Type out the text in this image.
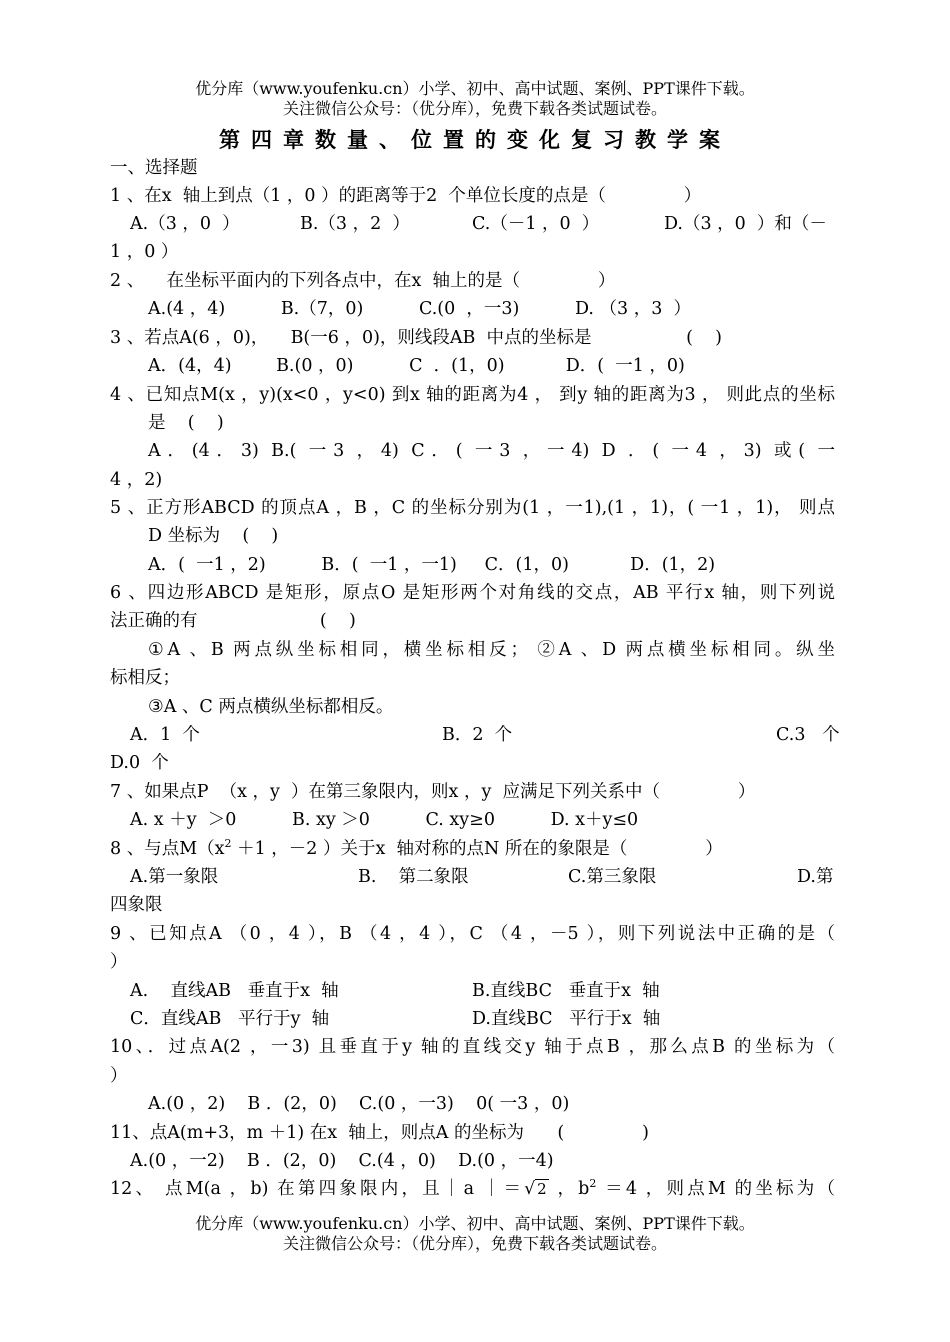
优分库（www.youfenku.cn）小学、初中、高中试题、案例、PPT课件下载。
关注微信公众号：（优分库），免费下载各类试题试卷。
第四章数量、位置的变化复习教学案
一、选择题
1 、在x  轴上到点（1 ，0 ）的距离等于2  个单位长度的点是（              ）
A.（3 ，0  ）	B.（3 ，2  ）	C.（－1 ，0  ）	D.（3 ，0  ）和（－
1 ，0 ）
2 、    在坐标平面内的下列各点中，在x  轴上的是（              ）
A.(4 ，4)          B.（7，0)          C.(0  ，一3)          D. （3 ，3  ）
3 、若点A(6 ，0)，    B(一6 ，0)，则线段AB  中点的坐标是                 (    )
A．(4，4)        B.(0 ，0)          C  ．(1，0)           D．(  一1 ，0)
4 、已知点M(x ，y)(x<0 ，y<0) 到x 轴的距离为4 ， 到y 轴的距离为3 ， 则此点的坐标
是    (    )
A．(4．3) B.( 一3 ，4) C．( 一3 ，一4) D ．( 一4 ，3) 或( 一
4 ，2)
5 、正方形ABCD 的顶点A ，B ，C 的坐标分别为(1 ，一1),(1 ，1)，( 一1 ，1)， 则点
D 坐标为    (    )
A．(  一1 ，2)          B．(  一1 ，一1)     C．(1，0)           D．(1，2)
6 、四边形ABCD 是矩形，原点O 是矩形两个对角线的交点，AB 平行x 轴，则下列说
法正确的有                      (    )
①A 、B 两点纵坐标相同，横坐标相反； ②A 、D 两点横坐标相同。纵坐
标相反；
③A 、C 两点横纵坐标都相反。
A．1  个	B．2  个	C.3   个
D.0  个
7 、如果点P  （x ，y  ）在第三象限内，则x ，y  应满足下列关系中（              ）
A. x ＋y  ＞0          B. xy ＞0          C. xy≥0          D. x＋y≤0
8 、与点$M(x^2 +1$ ，－2 ）关于x  轴对称的点N 所在的象限是（              ）
A.第一象限	B.    第二象限	C.第三象限	D.第
四象限
9 、已知点A （0 ，4 ），B （4 ，4 ），C （4 ，－5 ），则下列说法中正确的是（
）
A.    直线AB   垂直于x  轴	B.直线BC   垂直于x  轴
C．直线AB   平行于y  轴	D.直线BC   平行于x  轴
10、．过点A(2 ，一3) 且垂直于y 轴的直线交y 轴于点B ，那么点B 的坐标为（
）
A.(0 ，2)    B ．(2，0)    C.(0 ，一3)    0( 一3 ，0)
11、点A(m+3，m ＋1) 在x  轴上，则点A 的坐标为      (              )
A.(0 ，一2)    B ．(2，0)    C.(4 ，0)    D.(0 ，一4)
12、 点M(a ，b) 在第四象限内，且｜a ｜＝√ 2 ，$b^2 =4$ ，则点M 的坐标为（
优分库（www.youfenku.cn）小学、初中、高中试题、案例、PPT课件下载。
关注微信公众号：（优分库），免费下载各类试题试卷。
